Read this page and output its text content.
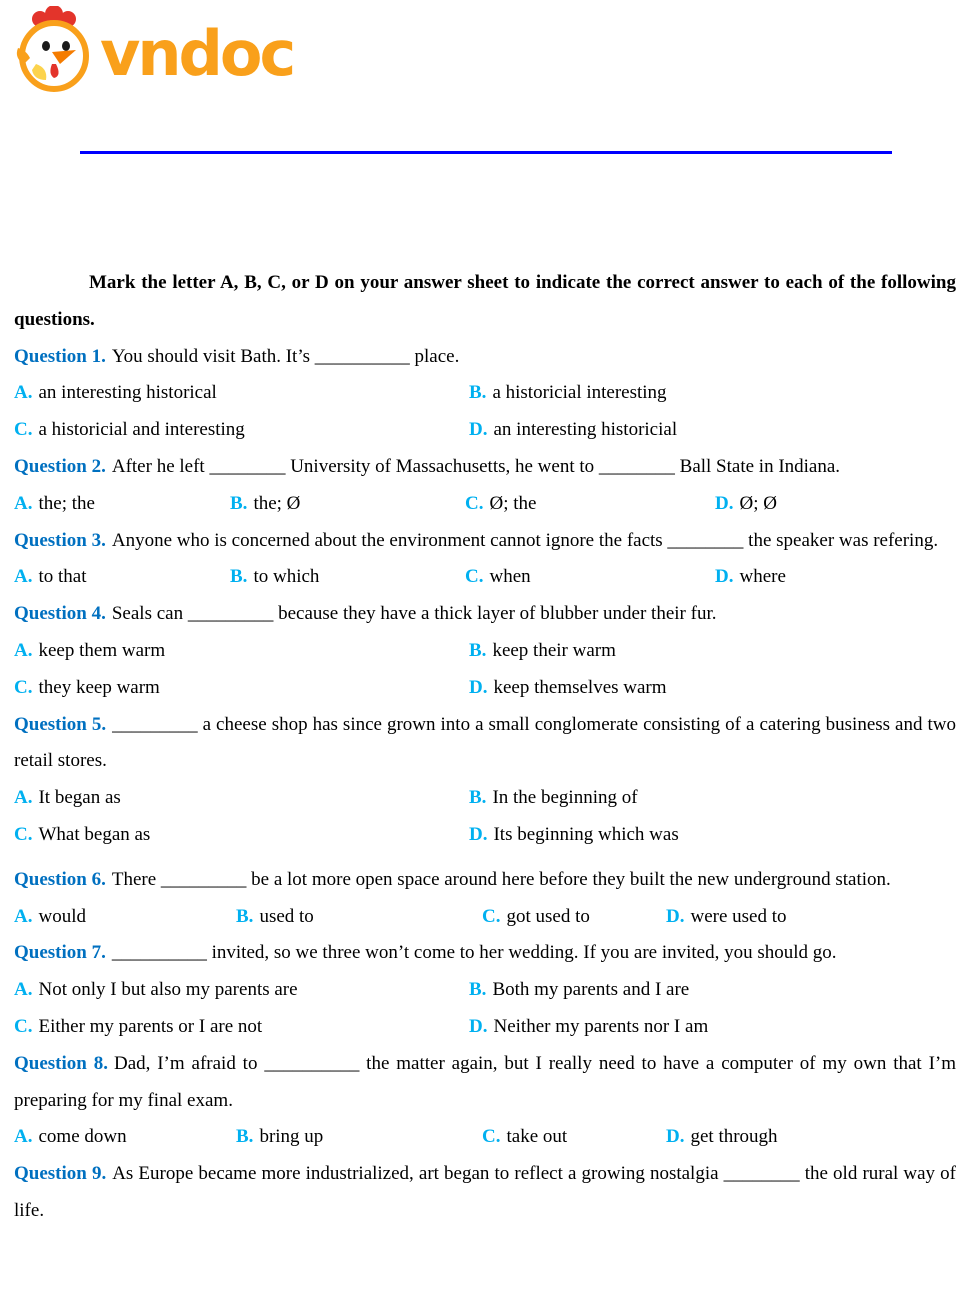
vndoc

Mark the letter A, B, C, or D on your answer sheet to indicate the correct answer to each of the following questions.

Question 1. You should visit Bath. It’s __________ place.

A. an interesting historical	B. a historicial interesting
C. a historicial and interesting	D. an interesting historicial

Question 2. After he left ________ University of Massachusetts, he went to ________ Ball State in Indiana.

A. the; the	B. the; Ø	C. Ø; the	D. Ø; Ø

Question 3. Anyone who is concerned about the environment cannot ignore the facts ________ the speaker was refering.

A. to that	B. to which	C. when	D. where

Question 4. Seals can _________ because they have a thick layer of blubber under their fur.

A. keep them warm	B. keep their warm
C. they keep warm	D. keep themselves warm

Question 5. _________ a cheese shop has since grown into a small conglomerate consisting of a catering business and two retail stores.

A. It began as	B. In the beginning of
C. What began as	D. Its beginning which was

Question 6. There _________ be a lot more open space around here before they built the new underground station.

A. would	B. used to	C. got used to	D. were used to

Question 7. __________ invited, so we three won’t come to her wedding. If you are invited, you should go.

A. Not only I but also my parents are	B. Both my parents and I are
C. Either my parents or I are not	D. Neither my parents nor I am

Question 8. Dad, I’m afraid to __________ the matter again, but I really need to have a computer of my own that I’m preparing for my final exam.

A. come down	B. bring up	C. take out	D. get through

Question 9. As Europe became more industrialized, art began to reflect a growing nostalgia ________ the old rural way of life.
